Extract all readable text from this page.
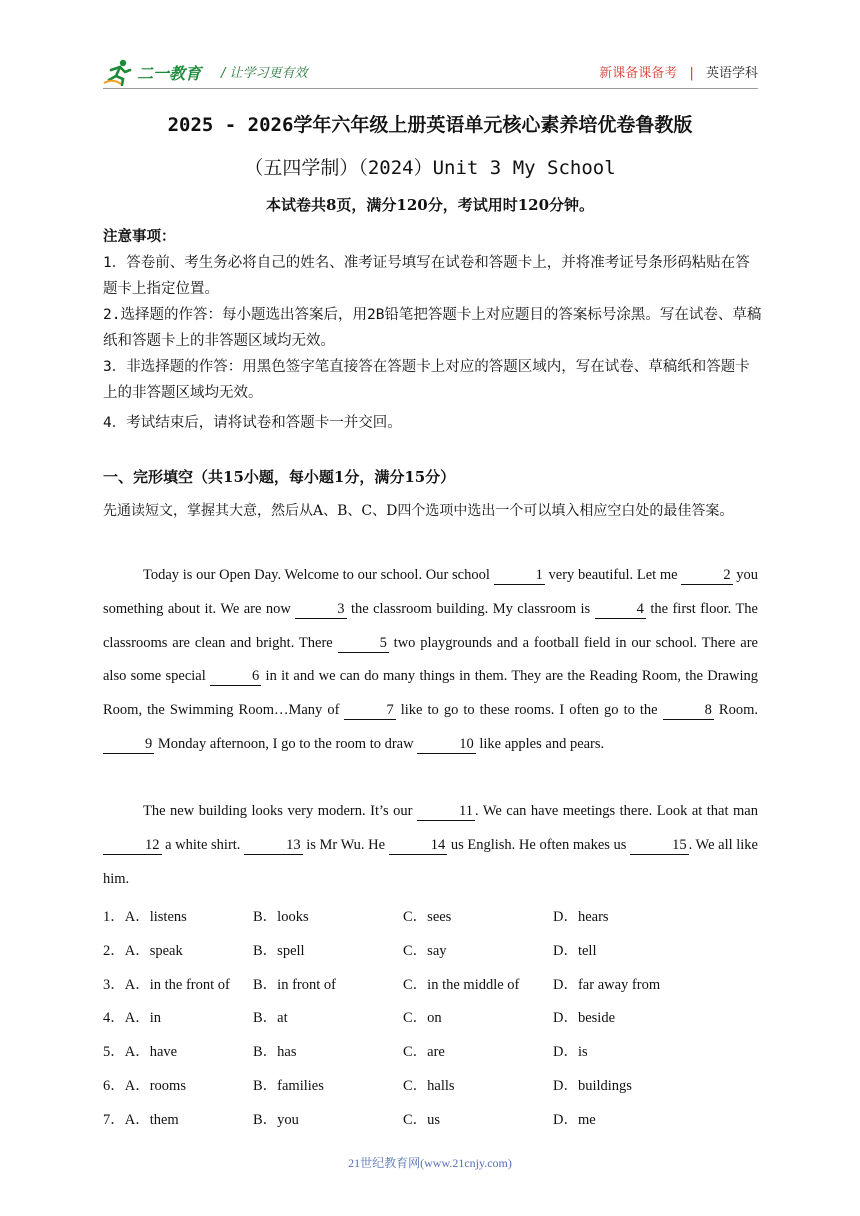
二一教育 / 让学习更有效	新课备课备考 | 英语学科
2025 - 2026学年六年级上册英语单元核心素养培优卷鲁教版
（五四学制）（2024）Unit 3 My School
本试卷共8页，满分120分，考试用时120分钟。
注意事项：
1．答卷前、考生务必将自己的姓名、准考证号填写在试卷和答题卡上，并将准考证号条形码粘贴在答题卡上指定位置。
2.选择题的作答：每小题选出答案后，用2B铅笔把答题卡上对应题目的答案标号涂黑。写在试卷、草稿纸和答题卡上的非答题区域均无效。
3．非选择题的作答：用黑色签字笔直接答在答题卡上对应的答题区域内，写在试卷、草稿纸和答题卡上的非答题区域均无效。
4．考试结束后，请将试卷和答题卡一并交回。
一、完形填空（共15小题，每小题1分，满分15分）
先通读短文，掌握其大意，然后从A、B、C、D四个选项中选出一个可以填入相应空白处的最佳答案。
Today is our Open Day. Welcome to our school. Our school	1 very beautiful. Let me	2 you something about it. We are now	3 the classroom building. My classroom is	4 the first floor. The classrooms are clean and bright. There	5 two playgrounds and a football field in our school. There are also some special	6 in it and we can do many things in them. They are the Reading Room, the Drawing Room, the Swimming Room…Many of	7 like to go to these rooms. I often go to the	8 Room. 9 Monday afternoon, I go to the room to draw	10 like apples and pears.
The new building looks very modern. It’s our	11 . We can have meetings there. Look at that man 12 a white shirt.	13 is Mr Wu. He	14 us English. He often makes us	15 . We all like him.
1．A．listens	B．looks	C．sees	D．hears
2．A．speak	B．spell	C．say	D．tell
3．A．in the front of B．in front of	C．in the middle of D．far away from
4．A．in	B．at	C．on	D．beside
5．A．have	B．has	C．are	D．is
6．A．rooms	B．families	C．halls	D．buildings
7．A．them	B．you	C．us	D．me
21世纪教育网(www.21cnjy.com)
